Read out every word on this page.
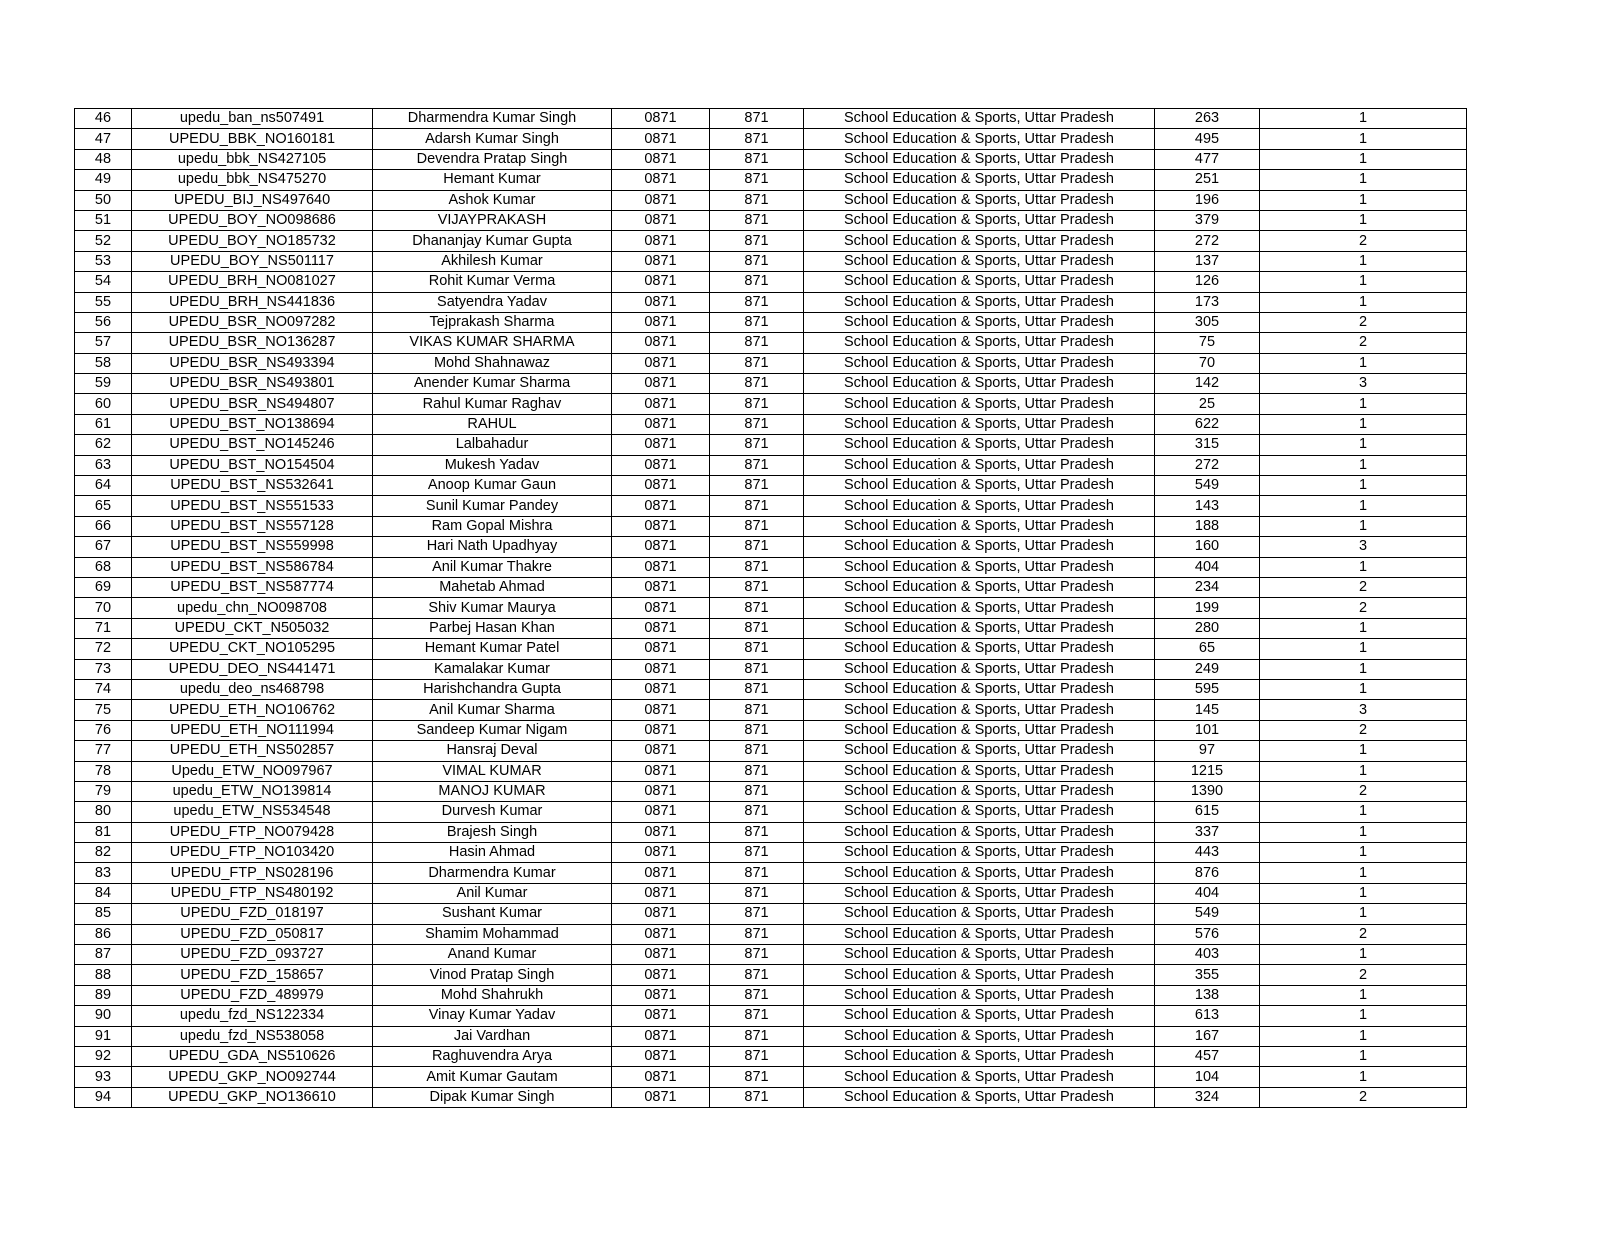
46	upedu_ban_ns507491	Dharmendra Kumar Singh	0871	871	School Education & Sports, Uttar Pradesh	263	1
47	UPEDU_BBK_NO160181	Adarsh Kumar Singh	0871	871	School Education & Sports, Uttar Pradesh	495	1
48	upedu_bbk_NS427105	Devendra Pratap Singh	0871	871	School Education & Sports, Uttar Pradesh	477	1
49	upedu_bbk_NS475270	Hemant Kumar	0871	871	School Education & Sports, Uttar Pradesh	251	1
50	UPEDU_BIJ_NS497640	Ashok Kumar	0871	871	School Education & Sports, Uttar Pradesh	196	1
51	UPEDU_BOY_NO098686	VIJAYPRAKASH	0871	871	School Education & Sports, Uttar Pradesh	379	1
52	UPEDU_BOY_NO185732	Dhananjay Kumar Gupta	0871	871	School Education & Sports, Uttar Pradesh	272	2
53	UPEDU_BOY_NS501117	Akhilesh Kumar	0871	871	School Education & Sports, Uttar Pradesh	137	1
54	UPEDU_BRH_NO081027	Rohit Kumar Verma	0871	871	School Education & Sports, Uttar Pradesh	126	1
55	UPEDU_BRH_NS441836	Satyendra Yadav	0871	871	School Education & Sports, Uttar Pradesh	173	1
56	UPEDU_BSR_NO097282	Tejprakash Sharma	0871	871	School Education & Sports, Uttar Pradesh	305	2
57	UPEDU_BSR_NO136287	VIKAS KUMAR SHARMA	0871	871	School Education & Sports, Uttar Pradesh	75	2
58	UPEDU_BSR_NS493394	Mohd Shahnawaz	0871	871	School Education & Sports, Uttar Pradesh	70	1
59	UPEDU_BSR_NS493801	Anender Kumar Sharma	0871	871	School Education & Sports, Uttar Pradesh	142	3
60	UPEDU_BSR_NS494807	Rahul Kumar Raghav	0871	871	School Education & Sports, Uttar Pradesh	25	1
61	UPEDU_BST_NO138694	RAHUL	0871	871	School Education & Sports, Uttar Pradesh	622	1
62	UPEDU_BST_NO145246	Lalbahadur	0871	871	School Education & Sports, Uttar Pradesh	315	1
63	UPEDU_BST_NO154504	Mukesh Yadav	0871	871	School Education & Sports, Uttar Pradesh	272	1
64	UPEDU_BST_NS532641	Anoop Kumar Gaun	0871	871	School Education & Sports, Uttar Pradesh	549	1
65	UPEDU_BST_NS551533	Sunil Kumar Pandey	0871	871	School Education & Sports, Uttar Pradesh	143	1
66	UPEDU_BST_NS557128	Ram Gopal Mishra	0871	871	School Education & Sports, Uttar Pradesh	188	1
67	UPEDU_BST_NS559998	Hari Nath Upadhyay	0871	871	School Education & Sports, Uttar Pradesh	160	3
68	UPEDU_BST_NS586784	Anil Kumar Thakre	0871	871	School Education & Sports, Uttar Pradesh	404	1
69	UPEDU_BST_NS587774	Mahetab Ahmad	0871	871	School Education & Sports, Uttar Pradesh	234	2
70	upedu_chn_NO098708	Shiv Kumar Maurya	0871	871	School Education & Sports, Uttar Pradesh	199	2
71	UPEDU_CKT_N505032	Parbej Hasan Khan	0871	871	School Education & Sports, Uttar Pradesh	280	1
72	UPEDU_CKT_NO105295	Hemant Kumar Patel	0871	871	School Education & Sports, Uttar Pradesh	65	1
73	UPEDU_DEO_NS441471	Kamalakar Kumar	0871	871	School Education & Sports, Uttar Pradesh	249	1
74	upedu_deo_ns468798	Harishchandra Gupta	0871	871	School Education & Sports, Uttar Pradesh	595	1
75	UPEDU_ETH_NO106762	Anil Kumar Sharma	0871	871	School Education & Sports, Uttar Pradesh	145	3
76	UPEDU_ETH_NO111994	Sandeep Kumar Nigam	0871	871	School Education & Sports, Uttar Pradesh	101	2
77	UPEDU_ETH_NS502857	Hansraj Deval	0871	871	School Education & Sports, Uttar Pradesh	97	1
78	Upedu_ETW_NO097967	VIMAL KUMAR	0871	871	School Education & Sports, Uttar Pradesh	1215	1
79	upedu_ETW_NO139814	MANOJ KUMAR	0871	871	School Education & Sports, Uttar Pradesh	1390	2
80	upedu_ETW_NS534548	Durvesh Kumar	0871	871	School Education & Sports, Uttar Pradesh	615	1
81	UPEDU_FTP_NO079428	Brajesh Singh	0871	871	School Education & Sports, Uttar Pradesh	337	1
82	UPEDU_FTP_NO103420	Hasin Ahmad	0871	871	School Education & Sports, Uttar Pradesh	443	1
83	UPEDU_FTP_NS028196	Dharmendra Kumar	0871	871	School Education & Sports, Uttar Pradesh	876	1
84	UPEDU_FTP_NS480192	Anil Kumar	0871	871	School Education & Sports, Uttar Pradesh	404	1
85	UPEDU_FZD_018197	Sushant Kumar	0871	871	School Education & Sports, Uttar Pradesh	549	1
86	UPEDU_FZD_050817	Shamim Mohammad	0871	871	School Education & Sports, Uttar Pradesh	576	2
87	UPEDU_FZD_093727	Anand Kumar	0871	871	School Education & Sports, Uttar Pradesh	403	1
88	UPEDU_FZD_158657	Vinod Pratap Singh	0871	871	School Education & Sports, Uttar Pradesh	355	2
89	UPEDU_FZD_489979	Mohd Shahrukh	0871	871	School Education & Sports, Uttar Pradesh	138	1
90	upedu_fzd_NS122334	Vinay Kumar Yadav	0871	871	School Education & Sports, Uttar Pradesh	613	1
91	upedu_fzd_NS538058	Jai Vardhan	0871	871	School Education & Sports, Uttar Pradesh	167	1
92	UPEDU_GDA_NS510626	Raghuvendra Arya	0871	871	School Education & Sports, Uttar Pradesh	457	1
93	UPEDU_GKP_NO092744	Amit Kumar Gautam	0871	871	School Education & Sports, Uttar Pradesh	104	1
94	UPEDU_GKP_NO136610	Dipak Kumar Singh	0871	871	School Education & Sports, Uttar Pradesh	324	2
